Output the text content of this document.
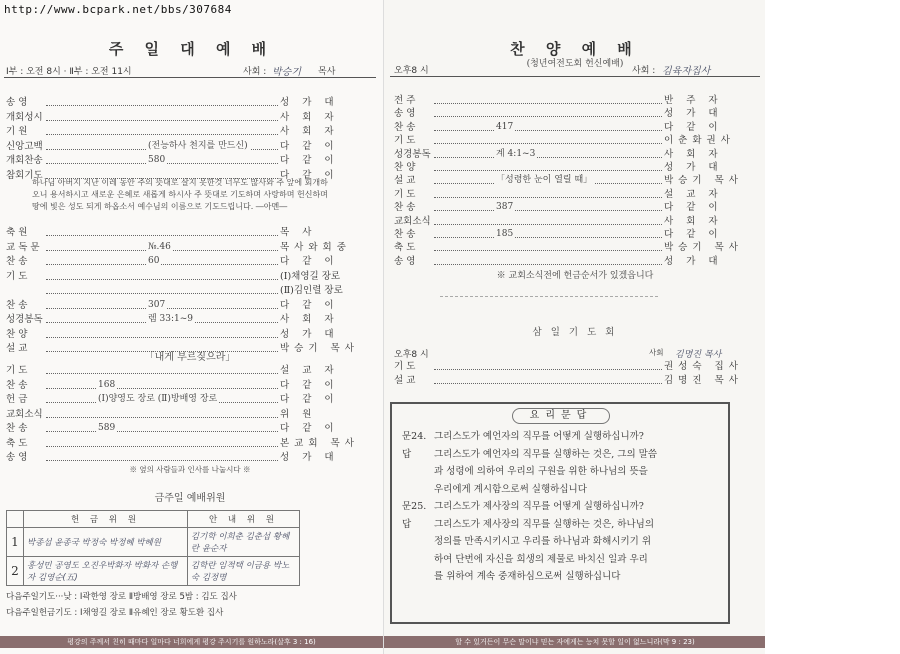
주 일 대 예 배
Ⅰ부 : 오전 8시 · Ⅱ부 : 오전 11시	사회 : 박승기 목사
송 영	성 가 대
개회성시	사 회 자
기 원	사 회 자
신앙고백	(전능하사 천지를 만드신)	다 같 이
개회찬송	580	다 같 이
참회기도	다 같 이
하나님 아버지 지난 이레 동안 주의 뜻대로 살지 못한것 너무도 많사와 주 앞에 회개하오니 용서하시고 새로운 은혜로 새롭게 하시사 주 뜻대로 기도하며 사랑하며 헌신하며 땅에 빛은 성도 되게 하옵소서 예수님의 이름으로 기도드립니다. ―아멘―
축 원	목 사
교 독 문	№.46	목사와회중
찬 송	60	다 같 이
기 도	(Ⅰ)채영길 장로
(Ⅱ)김인렬 장로
찬 송	307	다 같 이
성경봉독	렘 33:1~9	사 회 자
찬 양	성 가 대
설 교	박승기 목사
「내게 부르짖으라」
기 도	설 교 자
찬 송	168	다 같 이
헌 금	(Ⅰ)양영도 장로 (Ⅱ)방배영 장로	다 같 이
교회소식	위 원
찬 송	589	다 같 이
축 도	본교회 목사
송 영	성 가 대
※ 옆의 사람들과 인사를 나눕시다 ※
금주일 예배위원
	헌 금 위 원	안 내 위 원
1	박종섭 윤종국 박정숙 박정혜 박혜원	김기학 이희춘 김춘섭 황혜란 윤순자
2	홍성민 공영도 오진우박화자 박화자 손행자 김영순(五)	김학란 임적택 이금용 박노숙 김정명
다음주일기도···낮 : Ⅰ곽한영 장로 Ⅱ방배영 장로 5밤 : 김도 집사
다음주일헌금기도 : Ⅰ채영길 장로 Ⅱ유혜인 장로 황도환 집사
평강의 주께서 친히 때마다 일마다 너희에게 평강 주시기를 원하노라(살후 3 : 16)
찬 양 예 배
(청년여전도회 헌신예배)
오후8 시	사회 : 김육자집사
전 주	반 주 자
송 영	성 가 대
찬 송	417	다 같 이
기 도	이춘화권사
성경봉독	계 4:1~3	사 회 자
찬 양	성 가 대
설 교	「성령한 눈이 열릴 때」	박승기 목사
기 도	설 교 자
찬 송	387	다 같 이
교회소식	사 회 자
찬 송	185	다 같 이
축 도	박승기 목사
송 영	성 가 대
※ 교회소식전에 헌금순서가 있겠읍니다
삼 일 기 도 회
오후8 시	사회 김명진 목사
기 도	권성숙 집사
설 교	김명진 목사
할 수 있거든이 무슨 말이냐 믿는 자에게는 능치 못할 일이 없느니라(막 9 : 23)
요리문답
문24. 그리스도가 예언자의 직무를 어떻게 실행하십니까?
답 그리스도가 예언자의 직무를 실행하는 것은, 그의 말씀
과 성령에 의하여 우리의 구원을 위한 하나님의 뜻을
우리에게 계시함으로써 실행하십니다
문25. 그리스도가 제사장의 직무를 어떻게 실행하십니까?
답 그리스도가 제사장의 직무를 실행하는 것은, 하나님의
정의를 만족시키시고 우리를 하나님과 화해시키기 위
하여 단번에 자신을 희생의 제물로 바치신 일과 우리
를 위하여 계속 중재하심으로써 실행하십니다
http://www.bcpark.net/bbs/307684
